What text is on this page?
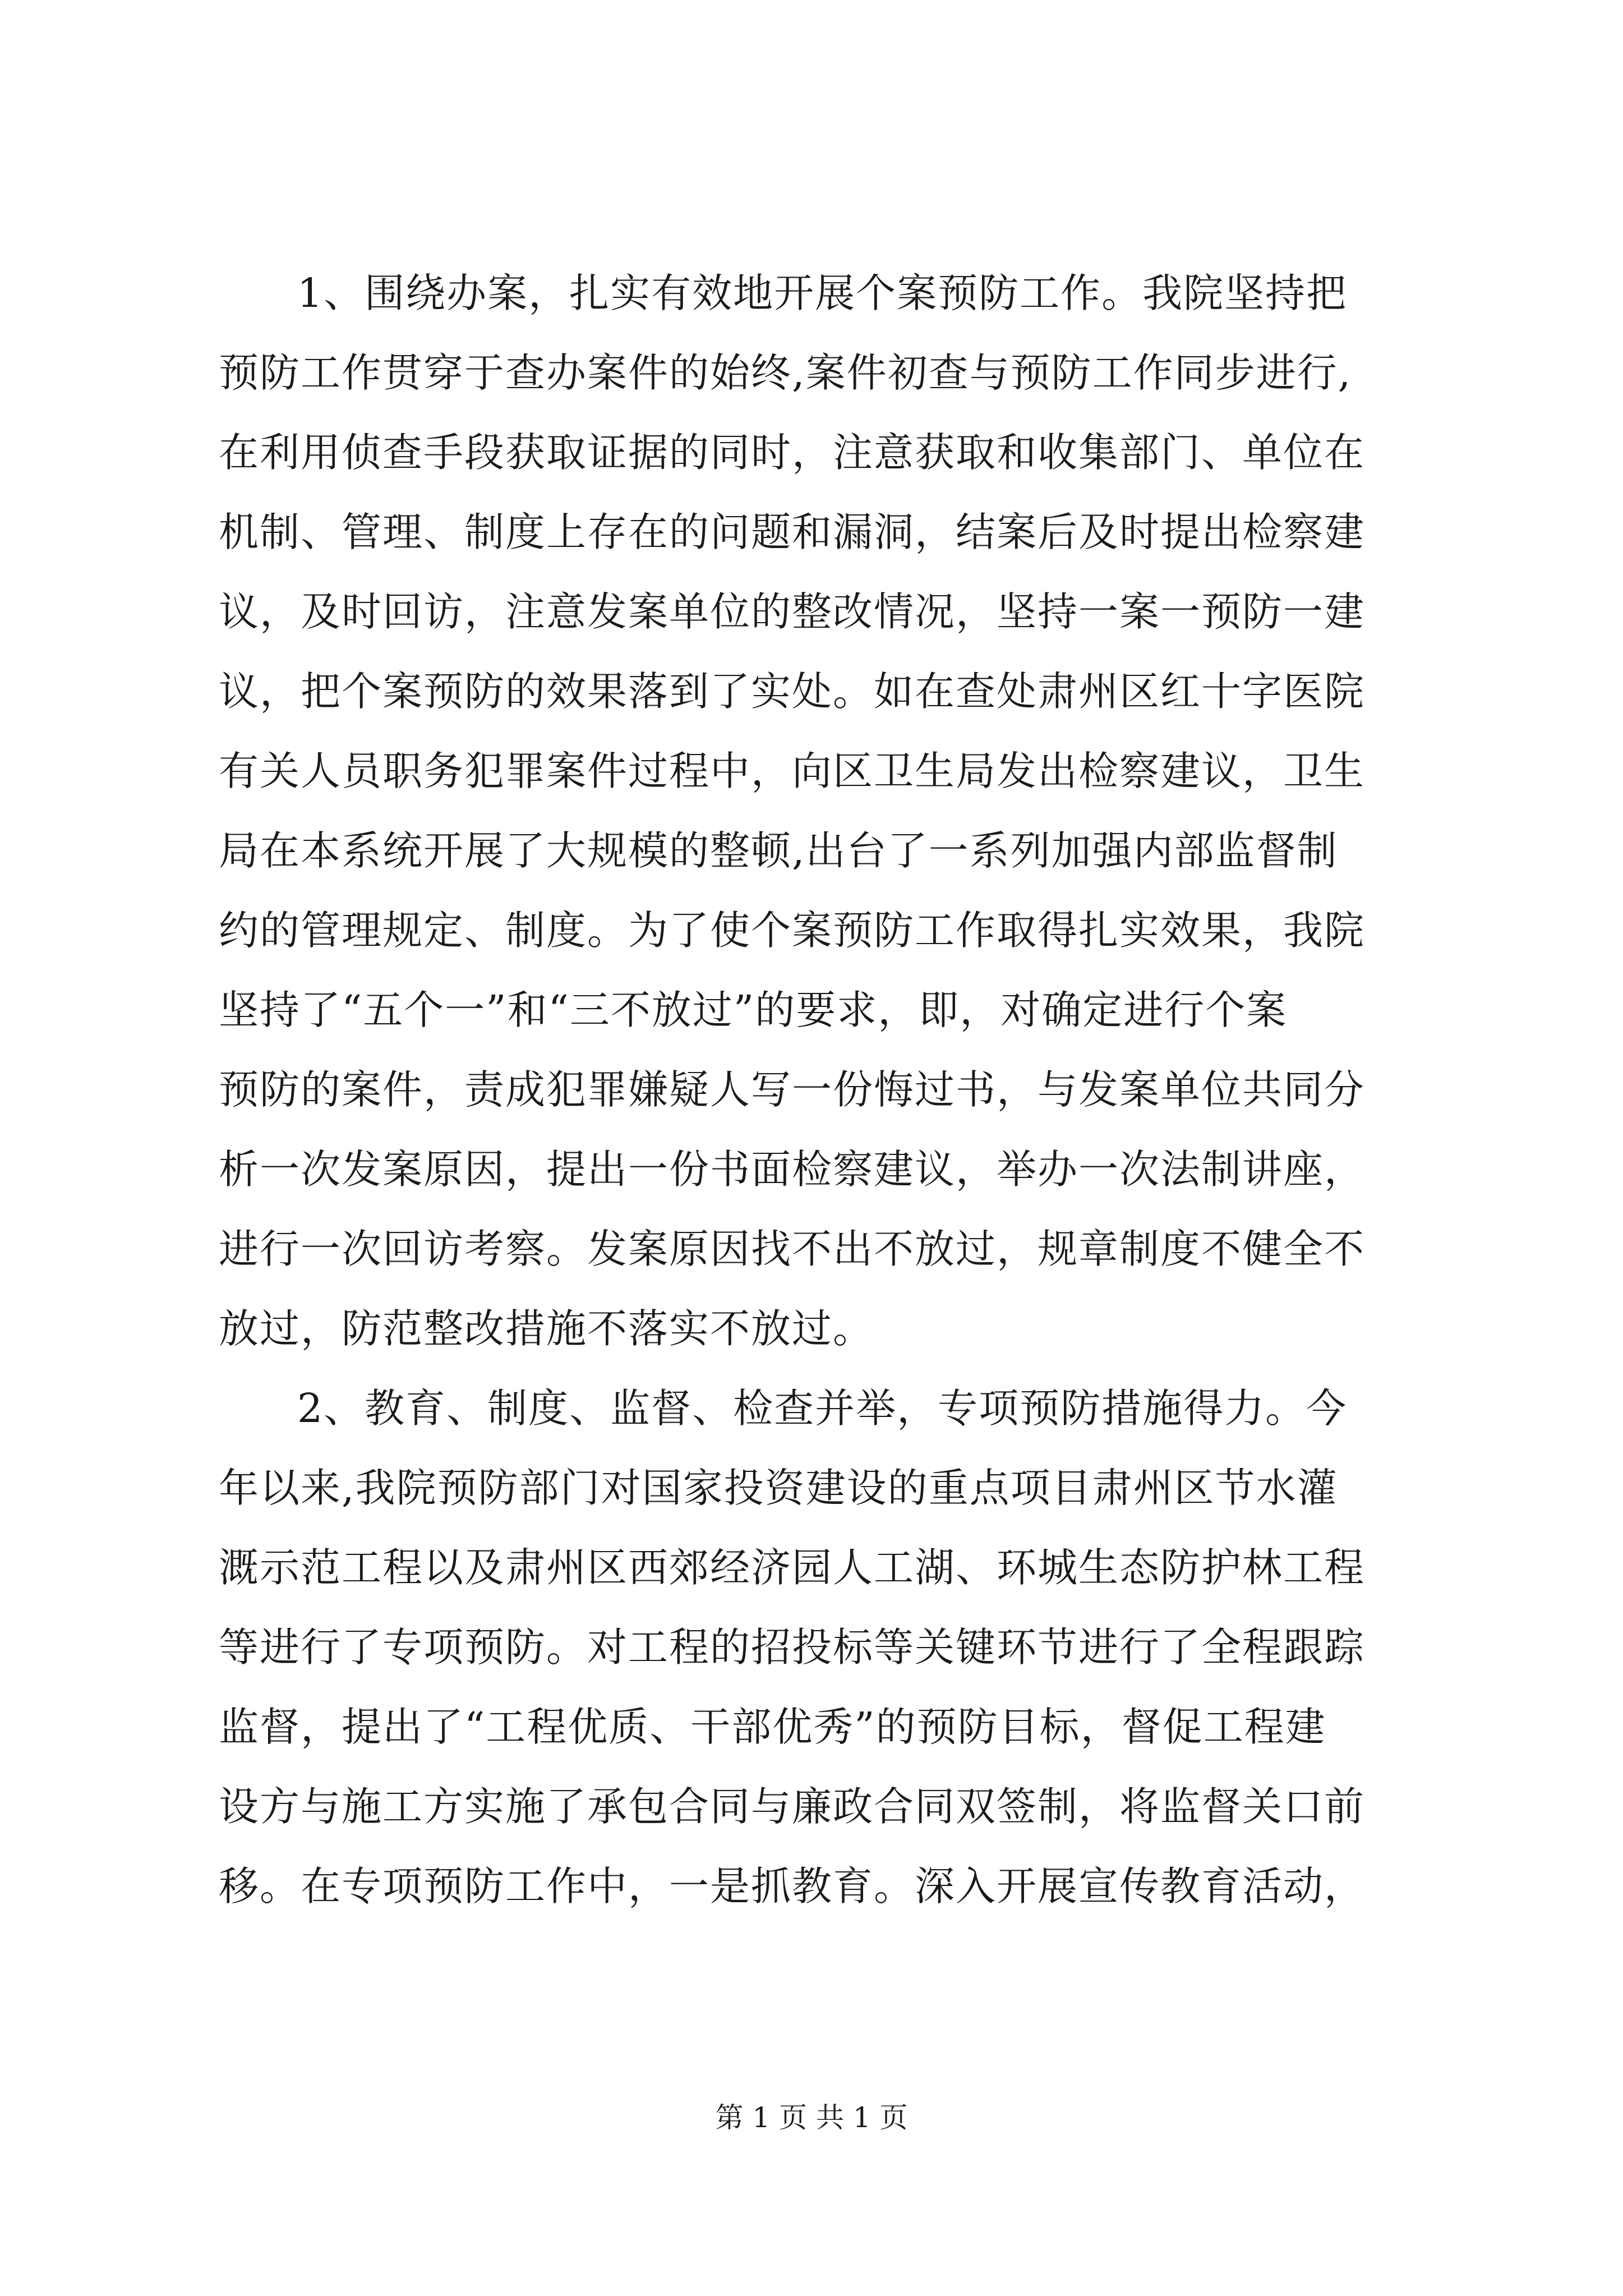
1、围绕办案，扎实有效地开展个案预防工作。我院坚持把
预防工作贯穿于查办案件的始终,案件初查与预防工作同步进行,
在利用侦查手段获取证据的同时，注意获取和收集部门、单位在
机制、管理、制度上存在的问题和漏洞，结案后及时提出检察建
议，及时回访，注意发案单位的整改情况，坚持一案一预防一建
议，把个案预防的效果落到了实处。如在查处肃州区红十字医院
有关人员职务犯罪案件过程中，向区卫生局发出检察建议，卫生
局在本系统开展了大规模的整顿,出台了一系列加强内部监督制
约的管理规定、制度。为了使个案预防工作取得扎实效果，我院
坚持了“五个一”和“三不放过”的要求，即，对确定进行个案
预防的案件，责成犯罪嫌疑人写一份悔过书，与发案单位共同分
析一次发案原因，提出一份书面检察建议，举办一次法制讲座，
进行一次回访考察。发案原因找不出不放过，规章制度不健全不
放过，防范整改措施不落实不放过。
2、教育、制度、监督、检查并举，专项预防措施得力。今
年以来,我院预防部门对国家投资建设的重点项目肃州区节水灌
溉示范工程以及肃州区西郊经济园人工湖、环城生态防护林工程
等进行了专项预防。对工程的招投标等关键环节进行了全程跟踪
监督，提出了“工程优质、干部优秀”的预防目标，督促工程建
设方与施工方实施了承包合同与廉政合同双签制，将监督关口前
移。在专项预防工作中，一是抓教育。深入开展宣传教育活动，
第 1 页 共 1 页
